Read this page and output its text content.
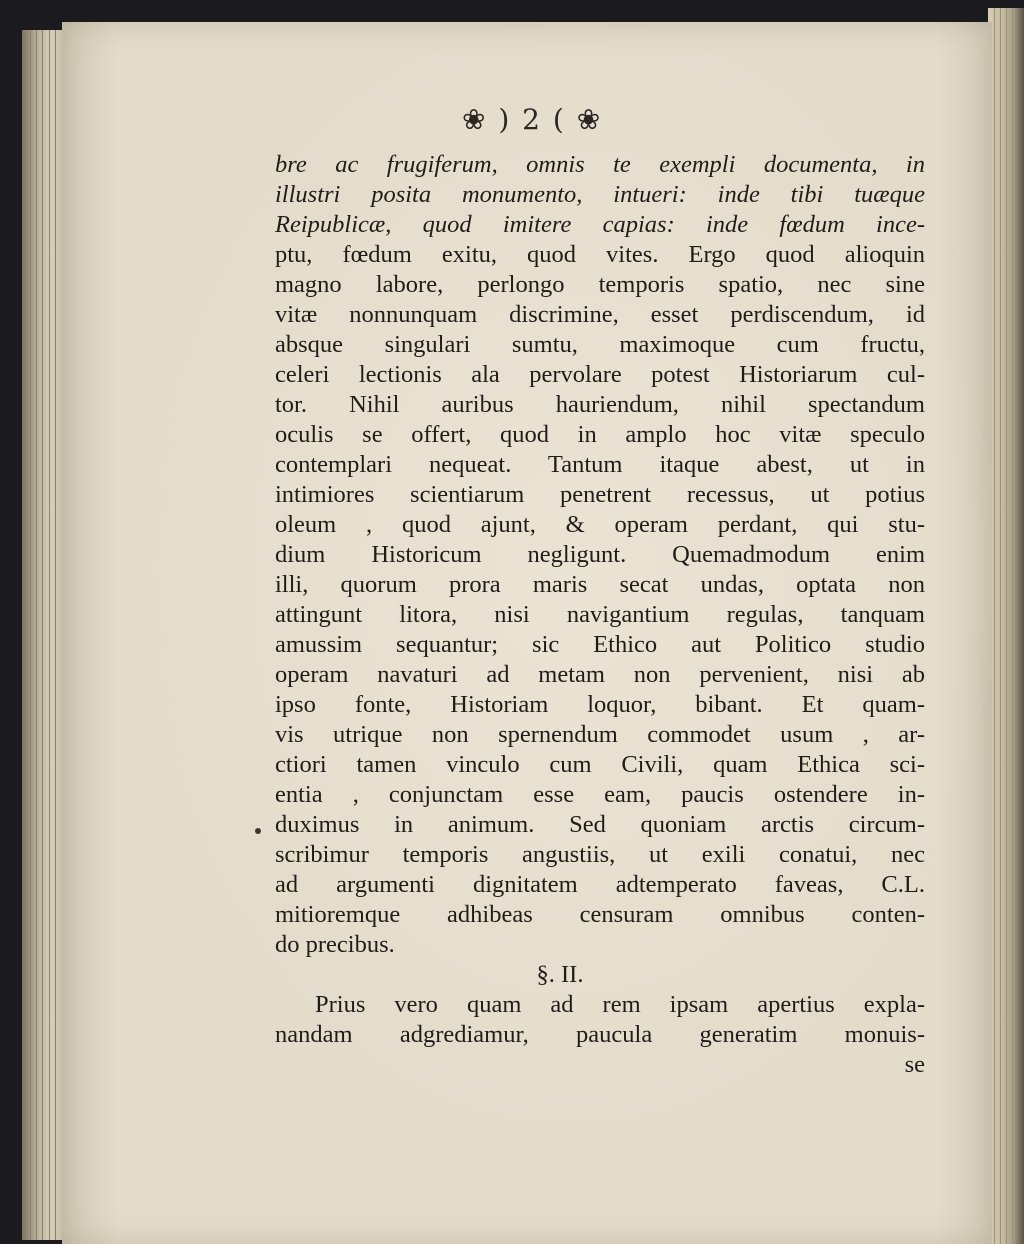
❀ ) 2 ( ❀
bre ac frugiferum, omnis te exempli documenta, in
illustri posita monumento, intueri: inde tibi tuæque
Reipublicæ, quod imitere capias: inde fœdum ince-
ptu, fœdum exitu, quod vites. Ergo quod alioquin
magno labore, perlongo temporis spatio, nec sine
vitæ nonnunquam discrimine, esset perdiscendum, id
absque singulari sumtu, maximoque cum fructu,
celeri lectionis ala pervolare potest Historiarum cul-
tor. Nihil auribus hauriendum, nihil spectandum
oculis se offert, quod in amplo hoc vitæ speculo
contemplari nequeat. Tantum itaque abest, ut in
intimiores scientiarum penetrent recessus, ut potius
oleum , quod ajunt, & operam perdant, qui stu-
dium Historicum negligunt. Quemadmodum enim
illi, quorum prora maris secat undas, optata non
attingunt litora, nisi navigantium regulas, tanquam
amussim sequantur; sic Ethico aut Politico studio
operam navaturi ad metam non pervenient, nisi ab
ipso fonte, Historiam loquor, bibant. Et quam-
vis utrique non spernendum commodet usum , ar-
ctiori tamen vinculo cum Civili, quam Ethica sci-
entia , conjunctam esse eam, paucis ostendere in-
duximus in animum. Sed quoniam arctis circum-
scribimur temporis angustiis, ut exili conatui, nec
ad argumenti dignitatem adtemperato faveas, C.L.
mitioremque adhibeas censuram omnibus conten-
do precibus.
§. II.
Prius vero quam ad rem ipsam apertius expla-
nandam adgrediamur, paucula generatim monuis-
se
